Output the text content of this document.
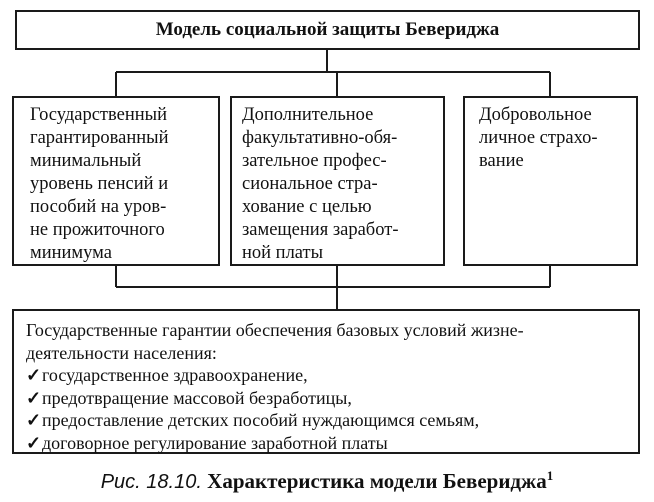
Модель социальной защиты Бевериджа
Государственный
гарантированный
минимальный
уровень пенсий и
пособий на уров-
не прожиточного
минимума
Дополнительное
факультативно-обя-
зательное профес-
сиональное стра-
хование с целью
замещения заработ-
ной платы
Добровольное
личное страхо-
вание
Государственные гарантии обеспечения базовых условий жизне-
деятельности населения:
✓государственное здравоохранение,
✓предотвращение массовой безработицы,
✓предоставление детских пособий нуждающимся семьям,
✓договорное регулирование заработной платы
Рис. 18.10. Характеристика модели Бевериджа$^1$
